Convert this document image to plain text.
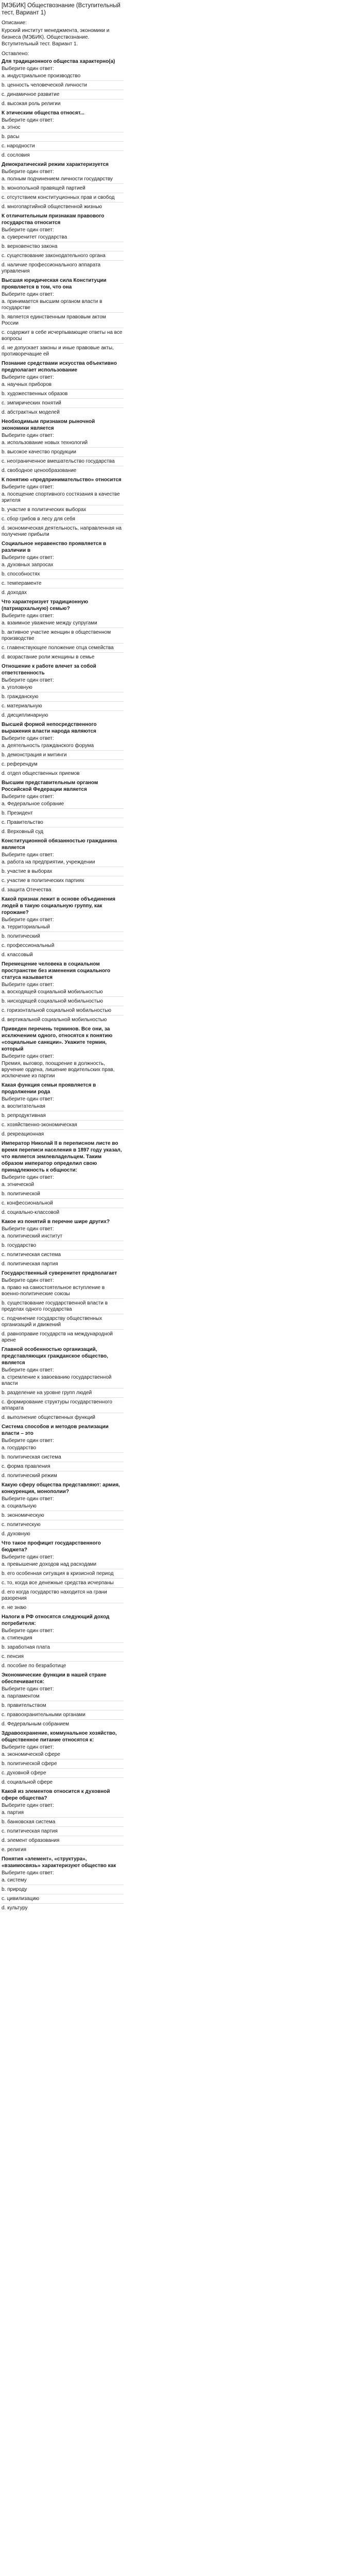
[МЭБИК] Обществознание (Вступительный тест, Вариант 1)
Описание:
Курский институт менеджмента, экономики и бизнеса (МЭБИК). Обществознание. Вступительный тест. Вариант 1.
Оставлено:
Для традиционного общества характерно(а)
Выберите один ответ:
а. индустриальное производство
b. ценность человеческой личности
c. динамичное развитие
d. высокая роль религии
К этическим общества относят...
Выберите один ответ:
а. этнос
b. расы
c. народности
d. сословия
Демократический режим характеризуется
Выберите один ответ:
а. полным подчинением личности государству
b. монопольной правящей партией
c. отсутствием конституционных прав и свобод
d. многопартийной общественной жизнью
К отличительным признакам правового государства относится
Выберите один ответ:
а. суверенитет государства
b. верховенство закона
c. существование законодательного органа
d. наличие профессионального аппарата управления
Высшая юридическая сила Конституции проявляется в том, что она
Выберите один ответ:
а. принимается высшим органом власти в государстве
b. является единственным правовым актом России
c. содержит в себе исчерпывающие ответы на все вопросы
d. не допускает законы и иные правовые акты, противоречащие ей
Познание средствами искусства объективно предполагает использование
Выберите один ответ:
а. научных приборов
b. художественных образов
c. эмпирических понятий
d. абстрактных моделей
Необходимым признаком рыночной экономики является
Выберите один ответ:
а. использование новых технологий
b. высокое качество продукции
c. неограниченное вмешательство государства
d. свободное ценообразование
К понятию «предпринимательство» относится
Выберите один ответ:
а. посещение спортивного состязания в качестве зрителя
b. участие в политических выборах
c. сбор грибов в лесу для себя
d. экономическая деятельность, направленная на получение прибыли
Социальное неравенство проявляется в различии в
Выберите один ответ:
а. духовных запросах
b. способностях
c. темпераменте
d. доходах
Что характеризует традиционную (патриархальную) семью?
Выберите один ответ:
а. взаимное уважение между супругами
b. активное участие женщин в общественном производстве
c. главенствующее положение отца семейства
d. возрастание роли женщины в семье
Отношение к работе влечет за собой ответственность
Выберите один ответ:
а. уголовную
b. гражданскую
c. материальную
d. дисциплинарную
Высшей формой непосредственного выражения власти народа являются
Выберите один ответ:
а. деятельность гражданского форума
b. демонстрация и митинги
c. референдум
d. отдел общественных приемов
Высшим представительным органом Российской Федерации является
Выберите один ответ:
а. Федеральное собрание
b. Президент
c. Правительство
d. Верховный суд
Конституционной обязанностью гражданина является
Выберите один ответ:
а. работа на предприятии, учреждении
b. участие в выборах
c. участие в политических партиях
d. защита Отечества
Какой признак лежит в основе объединения людей в такую социальную группу, как горожане?
Выберите один ответ:
а. территориальный
b. политический
c. профессиональный
d. классовый
Перемещение человека в социальном пространстве без изменения социального статуса называется
Выберите один ответ:
а. восходящей социальной мобильностью
b. нисходящей социальной мобильностью
c. горизонтальной социальной мобильностью
d. вертикальной социальной мобильностью
Приведен перечень терминов. Все они, за исключением одного, относятся к понятию «социальные санкции». Укажите термин, который
Выберите один ответ:
Премия, выговор, поощрение в должность, вручение ордена, лишение водительских прав, исключение из партии
Какая функция семьи проявляется в продолжении рода
Выберите один ответ:
а. воспитательная
b. репродуктивная
c. хозяйственно-экономическая
d. рекреационная
Император Николай II в переписном листе во время переписи населения в 1897 году указал, что является землевладельцем. Таким образом император определил свою принадлежность к общности:
Выберите один ответ:
а. этнической
b. политической
c. конфессиональной
d. социально-классовой
Какое из понятий в перечне шире других?
Выберите один ответ:
а. политический институт
b. государство
c. политическая система
d. политическая партия
Государственный суверенитет предполагает
Выберите один ответ:
а. право на самостоятельное вступление в военно-политические союзы
b. существование государственной власти в пределах одного государства
c. подчинение государству общественных организаций и движений
d. равноправие государств на международной арене
Главной особенностью организаций, представляющих гражданское общество, является
Выберите один ответ:
а. стремление к завоеванию государственной власти
b. разделение на уровне групп людей
c. формирование структуры государственного аппарата
d. выполнение общественных функций
Система способов и методов реализации власти – это
Выберите один ответ:
а. государство
b. политическая система
c. форма правления
d. политический режим
Какую сферу общества представляют: армия, конкуренция, монополии?
Выберите один ответ:
а. социальную
b. экономическую
c. политическую
d. духовную
Что такое профицит государственного бюджета?
Выберите один ответ:
а. превышение доходов над расходами
b. его особенная ситуация в кризисной период
c. то, когда все денежные средства исчерпаны
d. его когда государство находится на грани разорения
e. не знаю
Налоги в РФ относятся следующий доход потребителя:
Выберите один ответ:
а. стипендия
b. заработная плата
c. пенсия
d. пособие по безработице
Экономические функции в нашей стране обеспечивается:
Выберите один ответ:
а. парламентом
b. правительством
c. правоохранительными органами
d. Федеральным собранием
Здравоохранение, коммунальное хозяйство, общественное питание относятся к:
Выберите один ответ:
а. экономической сфере
b. политической сфере
c. духовной сфере
d. социальной сфере
Какой из элементов относится к духовной сфере общества?
Выберите один ответ:
а. партия
b. банковская система
c. политическая партия
d. элемент образования
e. религия
Понятия «элемент», «структура», «взаимосвязь» характеризуют общество как
Выберите один ответ:
а. систему
b. природу
c. цивилизацию
d. культуру
